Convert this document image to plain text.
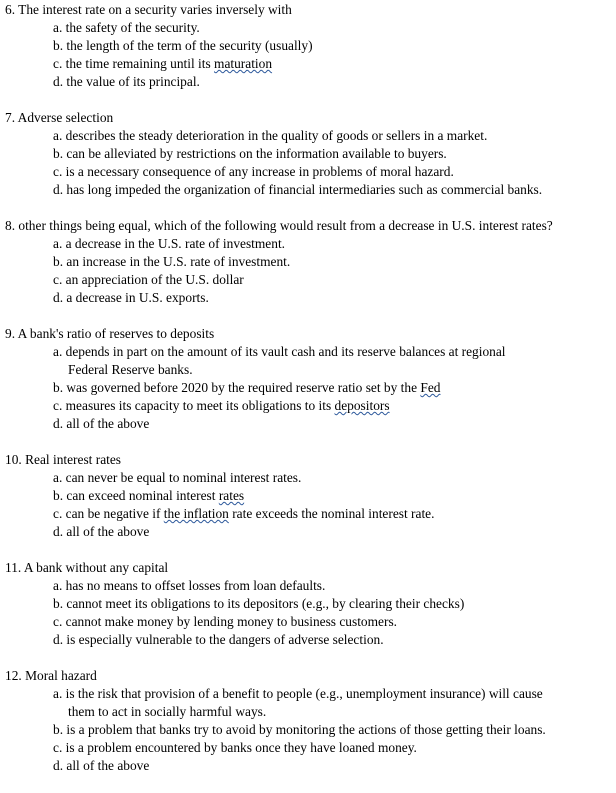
6. The interest rate on a security varies inversely with
a. the safety of the security.
b. the length of the term of the security (usually)
c. the time remaining until its maturation
d. the value of its principal.
7. Adverse selection
a. describes the steady deterioration in the quality of goods or sellers in a market.
b. can be alleviated by restrictions on the information available to buyers.
c. is a necessary consequence of any increase in problems of moral hazard.
d. has long impeded the organization of financial intermediaries such as commercial banks.
8. other things being equal, which of the following would result from a decrease in U.S. interest rates?
a. a decrease in the U.S. rate of investment.
b. an increase in the U.S. rate of investment.
c. an appreciation of the U.S. dollar
d. a decrease in U.S. exports.
9. A bank's ratio of reserves to deposits
a. depends in part on the amount of its vault cash and its reserve balances at regional
Federal Reserve banks.
b. was governed before 2020 by the required reserve ratio set by the Fed
c. measures its capacity to meet its obligations to its depositors
d. all of the above
10. Real interest rates
a. can never be equal to nominal interest rates.
b. can exceed nominal interest rates
c. can be negative if the inflation rate exceeds the nominal interest rate.
d. all of the above
11. A bank without any capital
a. has no means to offset losses from loan defaults.
b. cannot meet its obligations to its depositors (e.g., by clearing their checks)
c. cannot make money by lending money to business customers.
d. is especially vulnerable to the dangers of adverse selection.
12. Moral hazard
a. is the risk that provision of a benefit to people (e.g., unemployment insurance) will cause
them to act in socially harmful ways.
b. is a problem that banks try to avoid by monitoring the actions of those getting their loans.
c. is a problem encountered by banks once they have loaned money.
d. all of the above
